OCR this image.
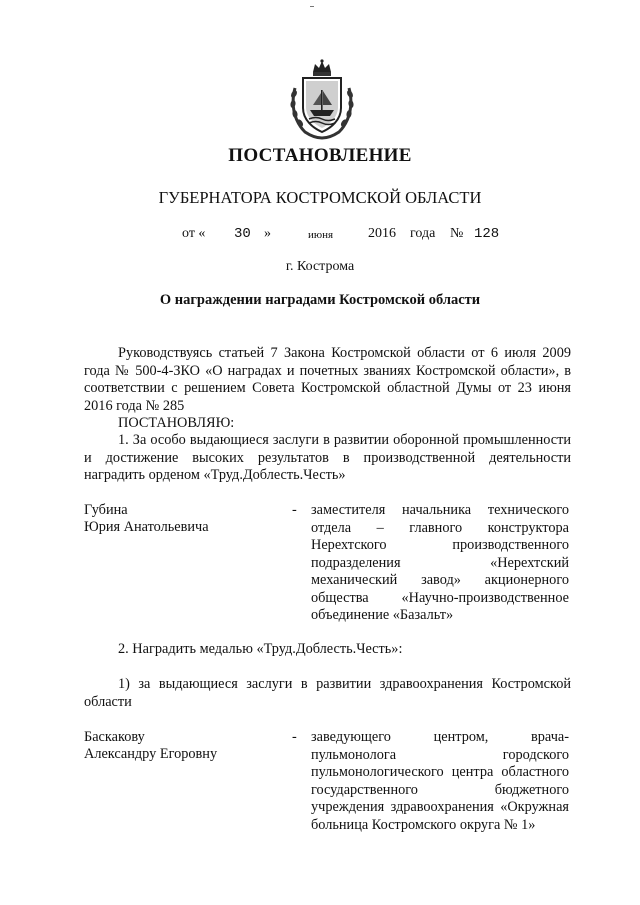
ПОСТАНОВЛЕНИЕ
ГУБЕРНАТОРА КОСТРОМСКОЙ ОБЛАСТИ
от « 30 »	июня 2016 года № 128
г. Кострома
О награждении наградами Костромской области
Руководствуясь статьей 7 Закона Костромской области от 6 июля 2009 года № 500-4-ЗКО «О наградах и почетных званиях Костромской области», в соответствии с решением Совета Костромской областной Думы от 23 июня 2016 года № 285
ПОСТАНОВЛЯЮ:
1. За особо выдающиеся заслуги в развитии оборонной промышленности и достижение высоких результатов в производственной деятельности наградить орденом «Труд.Доблесть.Честь»
Губина
Юрия Анатольевича
- заместителя начальника технического отдела – главного конструктора Нерехтского производственного подразделения «Нерехтский механический завод» акционерного общества «Научно-производственное объединение «Базальт»
2. Наградить медалью «Труд.Доблесть.Честь»:
1) за выдающиеся заслуги в развитии здравоохранения Костромской области
Баскакову
Александру Егоровну
- заведующего центром, врача-пульмонолога городского пульмонологического центра областного государственного бюджетного учреждения здравоохранения «Окружная больница Костромского округа № 1»
